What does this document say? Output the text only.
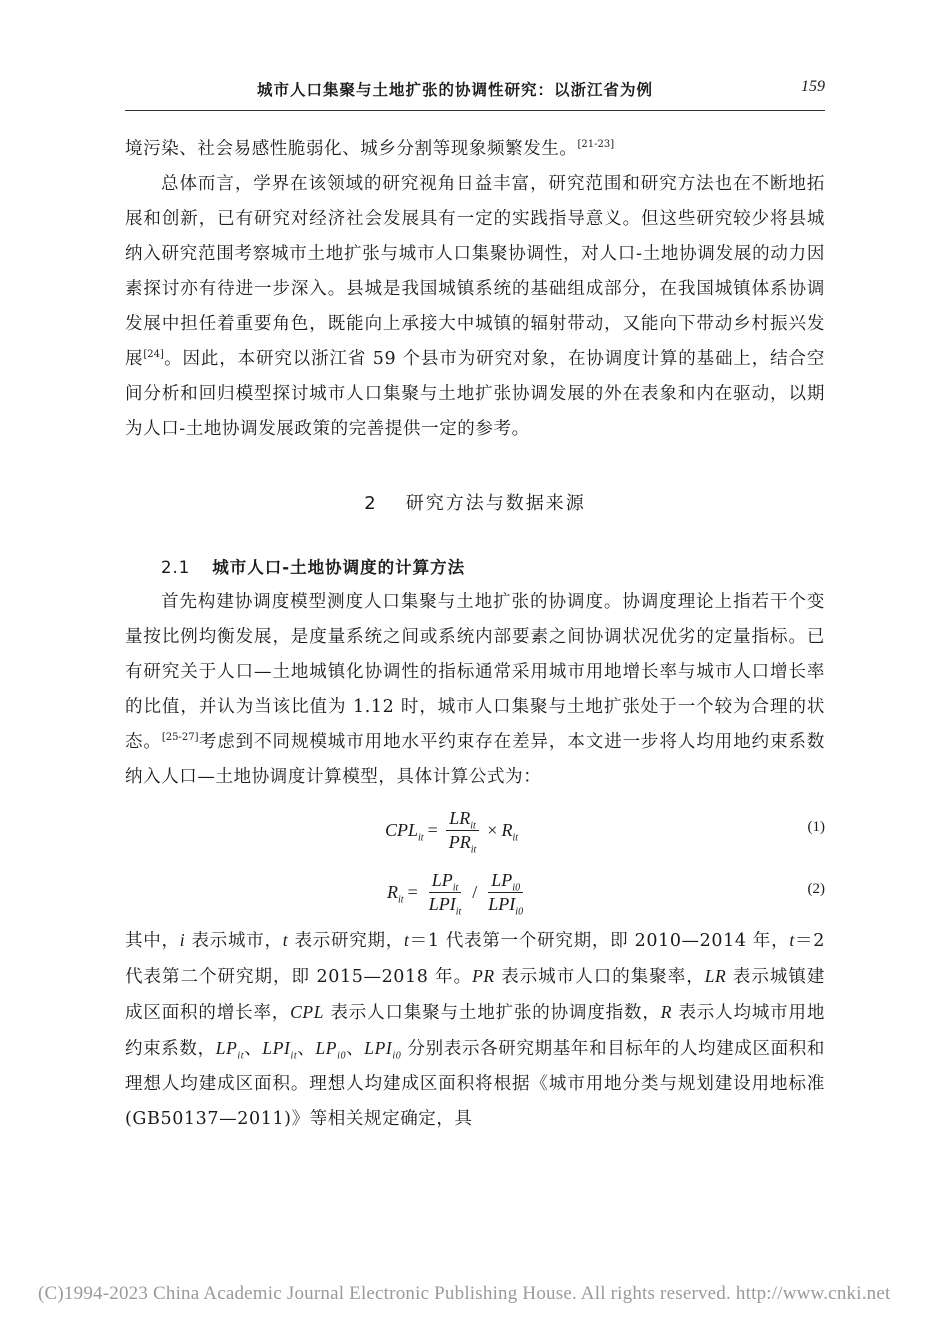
城市人口集聚与土地扩张的协调性研究：以浙江省为例	159

境污染、社会易感性脆弱化、城乡分割等现象频繁发生。[21-23]

总体而言，学界在该领域的研究视角日益丰富，研究范围和研究方法也在不断地拓展和创新，已有研究对经济社会发展具有一定的实践指导意义。但这些研究较少将县城纳入研究范围考察城市土地扩张与城市人口集聚协调性，对人口-土地协调发展的动力因素探讨亦有待进一步深入。县城是我国城镇系统的基础组成部分，在我国城镇体系协调发展中担任着重要角色，既能向上承接大中城镇的辐射带动，又能向下带动乡村振兴发展[24]。因此，本研究以浙江省 59 个县市为研究对象，在协调度计算的基础上，结合空间分析和回归模型探讨城市人口集聚与土地扩张协调发展的外在表象和内在驱动，以期为人口-土地协调发展政策的完善提供一定的参考。

2 研究方法与数据来源
2.1 城市人口-土地协调度的计算方法

首先构建协调度模型测度人口集聚与土地扩张的协调度。协调度理论上指若干个变量按比例均衡发展，是度量系统之间或系统内部要素之间协调状况优劣的定量指标。已有研究关于人口—土地城镇化协调性的指标通常采用城市用地增长率与城市人口增长率的比值，并认为当该比值为 1.12 时，城市人口集聚与土地扩张处于一个较为合理的状态。[25-27]考虑到不同规模城市用地水平约束存在差异，本文进一步将人均用地约束系数纳入人口—土地协调度计算模型，具体计算公式为：

$CPL_{it} = \frac{LR_{it}}{PR_{it}} \times R_{it}$
(1)
$R_{it} = \frac{LP_{it}}{LPI_{it}} / \frac{LP_{i0}}{LPI_{i0}}$	(2)

其中，i 表示城市，t 表示研究期，t＝1 代表第一个研究期，即 2010—2014 年，t＝2 代表第二个研究期，即 2015—2018 年。PR 表示城市人口的集聚率，LR 表示城镇建成区面积的增长率，CPL 表示人口集聚与土地扩张的协调度指数，R 表示人均城市用地约束系数，$LP_{it}$、$LPI_{it}$、$LP_{i0}$、$LPI_{i0}$ 分别表示各研究期基年和目标年的人均建成区面积和理想人均建成区面积。理想人均建成区面积将根据《城市用地分类与规划建设用地标准(GB50137—2011)》等相关规定确定，具

(C)1994-2023 China Academic Journal Electronic Publishing House. All rights reserved. http://www.cnki.net
